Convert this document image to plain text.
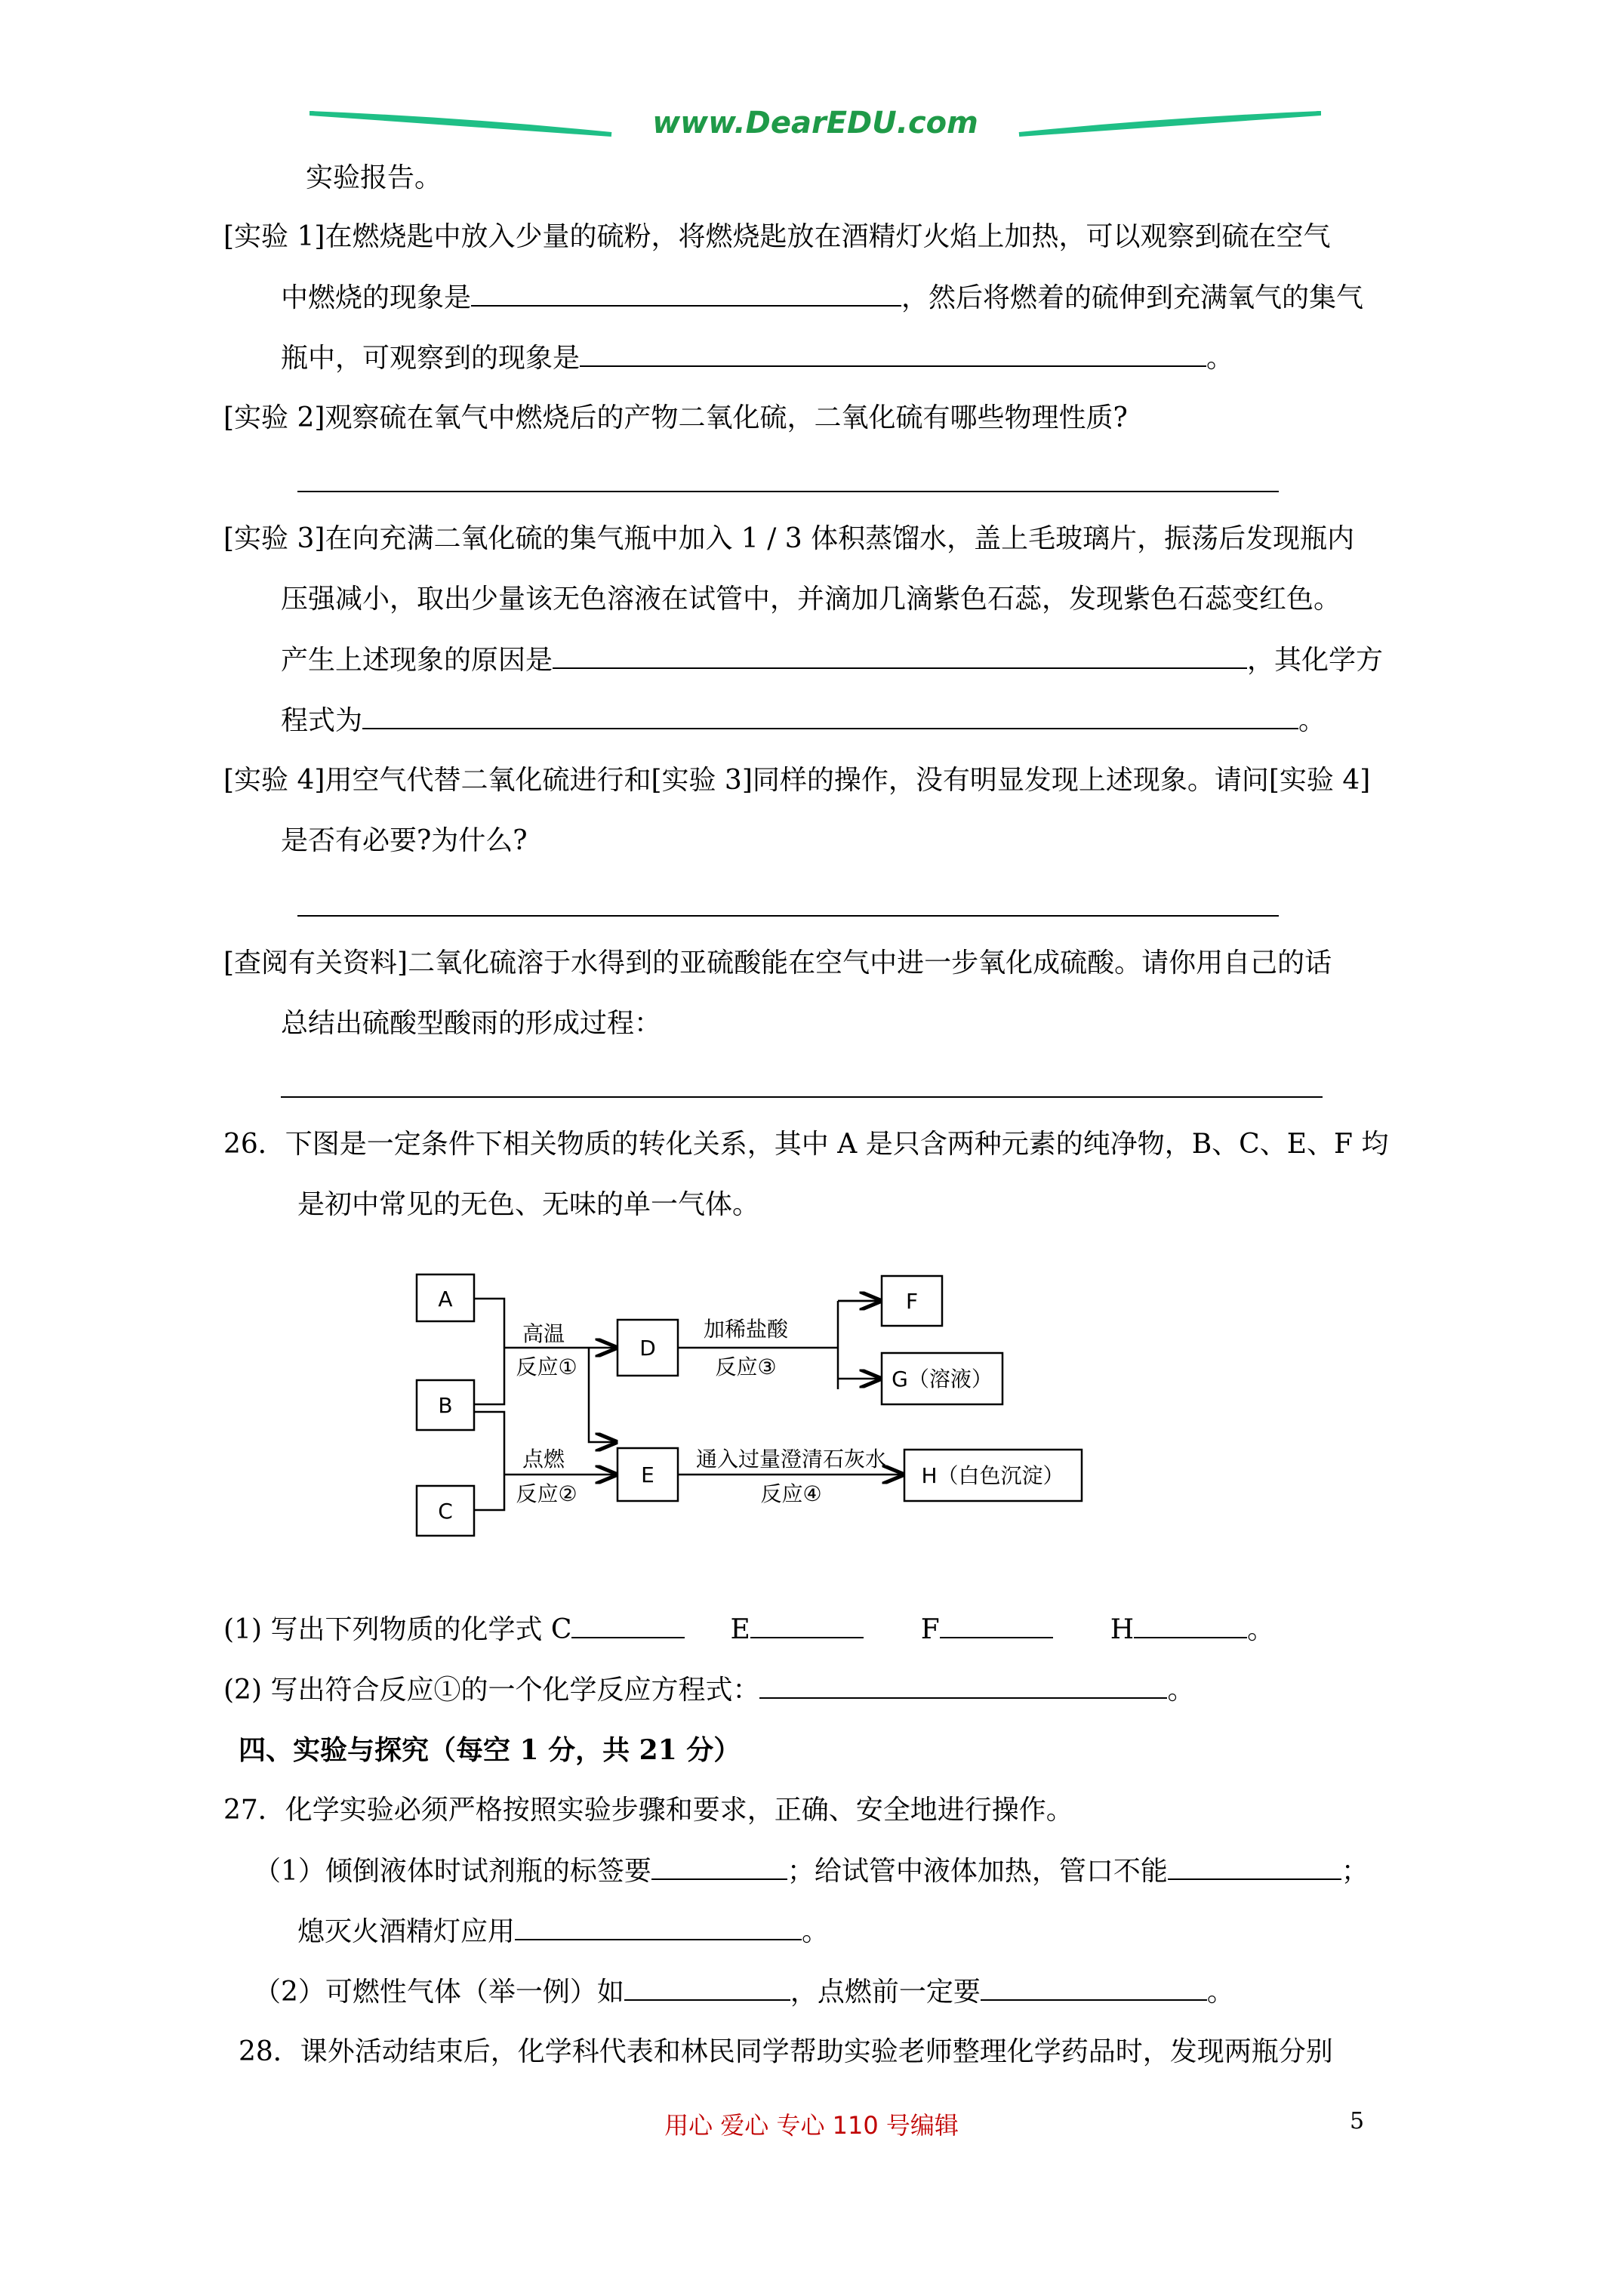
www.DearEDU.com
实验报告。
[实验 1]在燃烧匙中放入少量的硫粉，将燃烧匙放在酒精灯火焰上加热，可以观察到硫在空气
中燃烧的现象是	，然后将燃着的硫伸到充满氧气的集气
瓶中，可观察到的现象是	。
[实验 2]观察硫在氧气中燃烧后的产物二氧化硫，二氧化硫有哪些物理性质?
[实验 3]在向充满二氧化硫的集气瓶中加入 1 / 3 体积蒸馏水，盖上毛玻璃片，振荡后发现瓶内
压强减小，取出少量该无色溶液在试管中，并滴加几滴紫色石蕊，发现紫色石蕊变红色。
产生上述现象的原因是	，其化学方
程式为	。
[实验 4]用空气代替二氧化硫进行和[实验 3]同样的操作，没有明显发现上述现象。请问[实验 4]
是否有必要?为什么?
[查阅有关资料]二氧化硫溶于水得到的亚硫酸能在空气中进一步氧化成硫酸。请你用自己的话
总结出硫酸型酸雨的形成过程：
26．下图是一定条件下相关物质的转化关系，其中 A 是只含两种元素的纯净物，B、C、E、F 均
是初中常见的无色、无味的单一气体。
A
B
C
D
E
F
G（溶液）
H（白色沉淀）
高温
反应①
点燃
反应②
加稀盐酸
反应③
通入过量澄清石灰水
反应④
(1) 写出下列物质的化学式 C	E	F	H	。
(2) 写出符合反应①的一个化学反应方程式：	。
四、实验与探究（每空 1 分，共 21 分）
27．化学实验必须严格按照实验步骤和要求，正确、安全地进行操作。
（1）倾倒液体时试剂瓶的标签要	；给试管中液体加热，管口不能	；
熄灭火酒精灯应用	。
（2）可燃性气体（举一例）如	，点燃前一定要	。
28．课外活动结束后，化学科代表和林民同学帮助实验老师整理化学药品时，发现两瓶分别
用心 爱心 专心 110 号编辑	5
